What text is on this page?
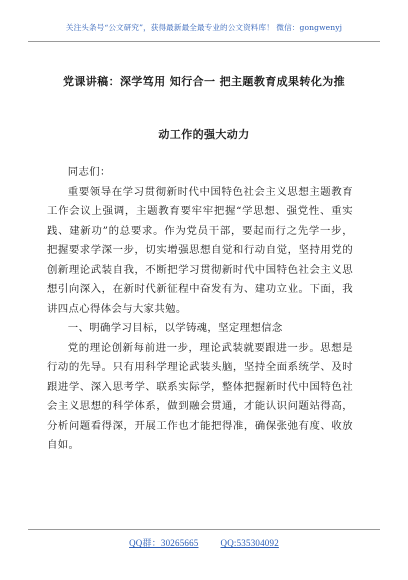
关注头条号“公文研究”，获得最新最全最专业的公文资料库！ 微信：gongwenyj
党课讲稿：深学笃用 知行合一 把主题教育成果转化为推
动工作的强大动力

同志们：

重要领导在学习贯彻新时代中国特色社会主义思想主题教育工作会议上强调，主题教育要牢牢把握“学思想、强党性、重实践、建新功”的总要求。作为党员干部，要起而行之先学一步，把握要求学深一步，切实增强思想自觉和行动自觉，坚持用党的创新理论武装自我，不断把学习贯彻新时代中国特色社会主义思想引向深入，在新时代新征程中奋发有为、建功立业。下面，我讲四点心得体会与大家共勉。

一、明确学习目标，以学铸魂，坚定理想信念

党的理论创新每前进一步，理论武装就要跟进一步。思想是行动的先导。只有用科学理论武装头脑，坚持全面系统学、及时跟进学、深入思考学、联系实际学，整体把握新时代中国特色社会主义思想的科学体系，做到融会贯通，才能认识问题站得高，分析问题看得深，开展工作也才能把得准，确保张弛有度、收放自如。

QQ群：30265665 QQ:535304092
